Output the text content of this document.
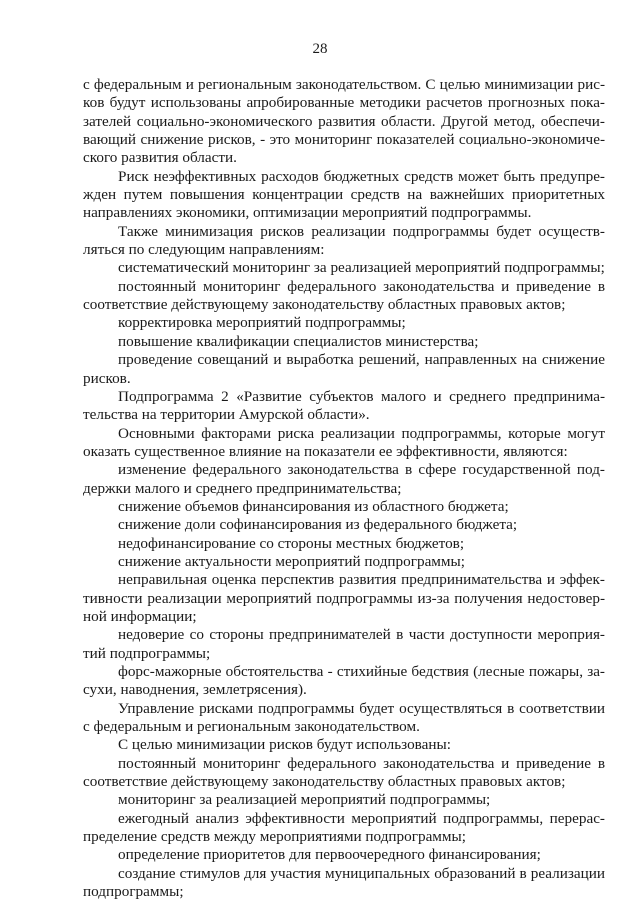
28
с федеральным и региональным законодательством. С целью минимизации рис-
ков будут использованы апробированные методики расчетов прогнозных пока-
зателей социально-экономического развития области. Другой метод, обеспечи-
вающий снижение рисков, - это мониторинг показателей социально-экономиче-
ского развития области.
Риск неэффективных расходов бюджетных средств может быть предупре-
жден путем повышения концентрации средств на важнейших приоритетных
направлениях экономики, оптимизации мероприятий подпрограммы.
Также минимизация рисков реализации подпрограммы будет осуществ-
ляться по следующим направлениям:
систематический мониторинг за реализацией мероприятий подпрограммы;
постоянный мониторинг федерального законодательства и приведение в
соответствие действующему законодательству областных правовых актов;
корректировка мероприятий подпрограммы;
повышение квалификации специалистов министерства;
проведение совещаний и выработка решений, направленных на снижение
рисков.
Подпрограмма 2 «Развитие субъектов малого и среднего предпринима-
тельства на территории Амурской области».
Основными факторами риска реализации подпрограммы, которые могут
оказать существенное влияние на показатели ее эффективности, являются:
изменение федерального законодательства в сфере государственной под-
держки малого и среднего предпринимательства;
снижение объемов финансирования из областного бюджета;
снижение доли софинансирования из федерального бюджета;
недофинансирование со стороны местных бюджетов;
снижение актуальности мероприятий подпрограммы;
неправильная оценка перспектив развития предпринимательства и эффек-
тивности реализации мероприятий подпрограммы из-за получения недостовер-
ной информации;
недоверие со стороны предпринимателей в части доступности мероприя-
тий подпрограммы;
форс-мажорные обстоятельства - стихийные бедствия (лесные пожары, за-
сухи, наводнения, землетрясения).
Управление рисками подпрограммы будет осуществляться в соответствии
с федеральным и региональным законодательством.
С целью минимизации рисков будут использованы:
постоянный мониторинг федерального законодательства и приведение в
соответствие действующему законодательству областных правовых актов;
мониторинг за реализацией мероприятий подпрограммы;
ежегодный анализ эффективности мероприятий подпрограммы, перерас-
пределение средств между мероприятиями подпрограммы;
определение приоритетов для первоочередного финансирования;
создание стимулов для участия муниципальных образований в реализации
подпрограммы;
